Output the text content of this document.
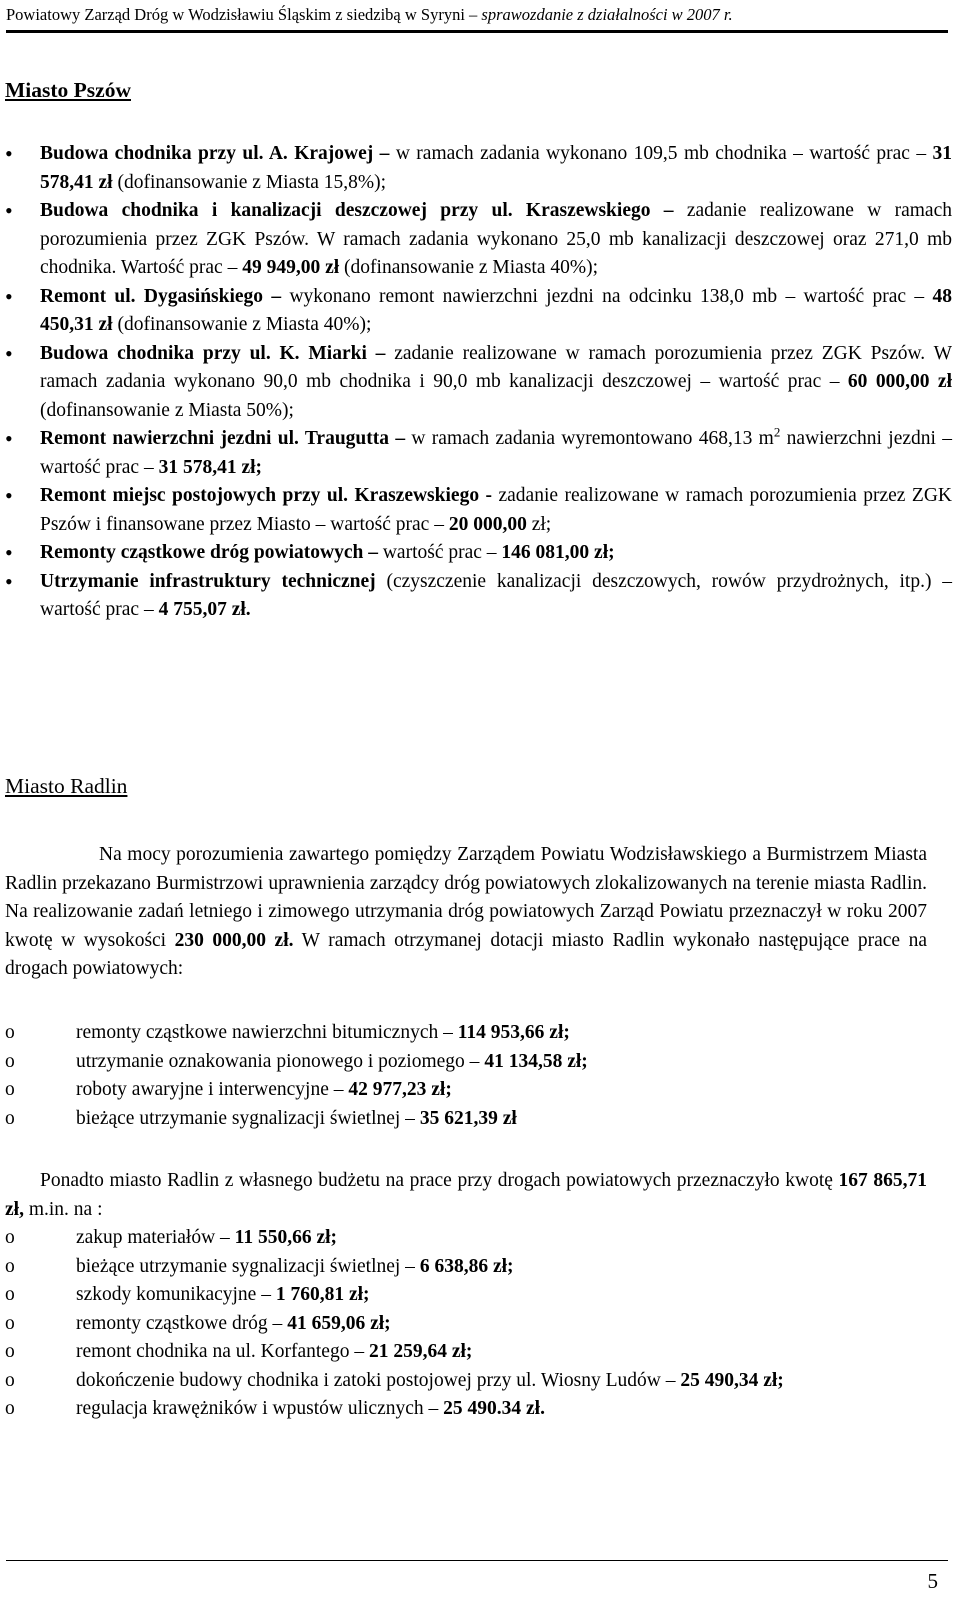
Powiatowy Zarząd Dróg w Wodzisławiu Śląskim z siedzibą w Syryni – sprawozdanie z działalności w 2007 r.
Miasto Pszów
• Budowa chodnika przy ul. A. Krajowej – w ramach zadania wykonano 109,5 mb chodnika – wartość prac – 31 578,41 zł (dofinansowanie z Miasta 15,8%);
• Budowa chodnika i kanalizacji deszczowej przy ul. Kraszewskiego – zadanie realizowane w ramach porozumienia przez ZGK Pszów. W ramach zadania wykonano 25,0 mb kanalizacji deszczowej oraz 271,0 mb chodnika. Wartość prac – 49 949,00 zł (dofinansowanie z Miasta 40%);
• Remont ul. Dygasińskiego – wykonano remont nawierzchni jezdni na odcinku 138,0 mb – wartość prac – 48 450,31 zł (dofinansowanie z Miasta 40%);
• Budowa chodnika przy ul. K. Miarki – zadanie realizowane w ramach porozumienia przez ZGK Pszów. W ramach zadania wykonano 90,0 mb chodnika i 90,0 mb kanalizacji deszczowej – wartość prac – 60 000,00 zł (dofinansowanie z Miasta 50%);
• Remont nawierzchni jezdni ul. Traugutta – w ramach zadania wyremontowano 468,13 $m^2$ nawierzchni jezdni – wartość prac – 31 578,41 zł;
• Remont miejsc postojowych przy ul. Kraszewskiego - zadanie realizowane w ramach porozumienia przez ZGK Pszów i finansowane przez Miasto – wartość prac – 20 000,00 zł;
• Remonty cząstkowe dróg powiatowych – wartość prac – 146 081,00 zł;
• Utrzymanie infrastruktury technicznej (czyszczenie kanalizacji deszczowych, rowów przydrożnych, itp.) – wartość prac – 4 755,07 zł.
Miasto Radlin

Na mocy porozumienia zawartego pomiędzy Zarządem Powiatu Wodzisławskiego a Burmistrzem Miasta Radlin przekazano Burmistrzowi uprawnienia zarządcy dróg powiatowych zlokalizowanych na terenie miasta Radlin. Na realizowanie zadań letniego i zimowego utrzymania dróg powiatowych Zarząd Powiatu przeznaczył w roku 2007 kwotę w wysokości 230 000,00 zł. W ramach otrzymanej dotacji miasto Radlin wykonało następujące prace na drogach powiatowych:

o	remonty cząstkowe nawierzchni bitumicznych – 114 953,66 zł;
o	utrzymanie oznakowania pionowego i poziomego – 41 134,58 zł;
o	roboty awaryjne i interwencyjne – 42 977,23 zł;
o	bieżące utrzymanie sygnalizacji świetlnej – 35 621,39 zł

Ponadto miasto Radlin z własnego budżetu na prace przy drogach powiatowych przeznaczyło kwotę 167 865,71 zł, m.in. na :

o	zakup materiałów – 11 550,66 zł;
o	bieżące utrzymanie sygnalizacji świetlnej – 6 638,86 zł;
o	szkody komunikacyjne – 1 760,81 zł;
o	remonty cząstkowe dróg – 41 659,06 zł;
o	remont chodnika na ul. Korfantego – 21 259,64 zł;
o	dokończenie budowy chodnika i zatoki postojowej przy ul. Wiosny Ludów – 25 490,34 zł;
o	regulacja krawężników i wpustów ulicznych – 25 490.34 zł.
5
